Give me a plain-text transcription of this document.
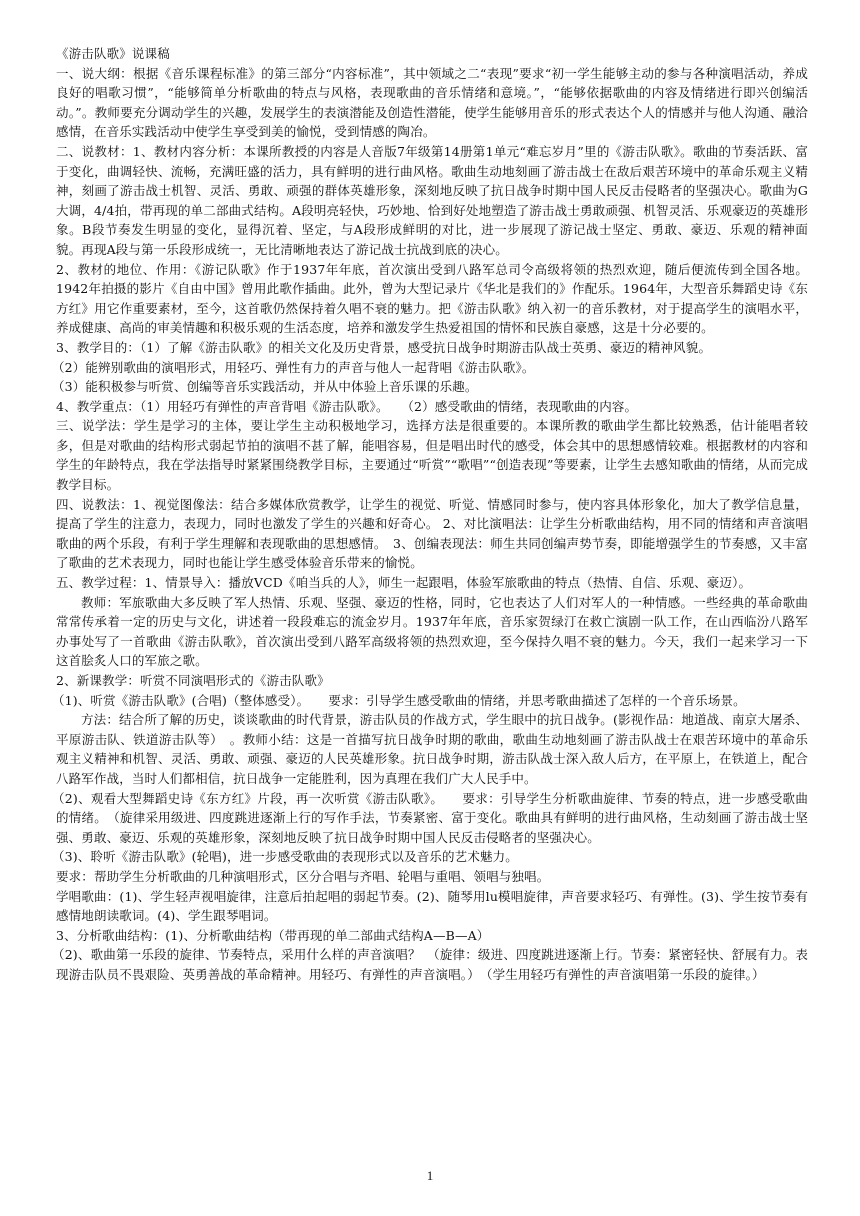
《游击队歌》说课稿

一、说大纲：根据《音乐课程标准》的第三部分“内容标准”，其中领域之二“表现”要求“初一学生能够主动的参与各种演唱活动，养成良好的唱歌习惯”，“能够简单分析歌曲的特点与风格，表现歌曲的音乐情绪和意境。”，“能够依据歌曲的内容及情绪进行即兴创编活动。”。教师要充分调动学生的兴趣，发展学生的表演潜能及创造性潜能，使学生能够用音乐的形式表达个人的情感并与他人沟通、融洽感情，在音乐实践活动中使学生享受到美的愉悦，受到情感的陶冶。

二、说教材：1、教材内容分析：本课所教授的内容是人音版7年级第14册第1单元“难忘岁月”里的《游击队歌》。歌曲的节奏活跃、富于变化，曲调轻快、流畅，充满旺盛的活力，具有鲜明的进行曲风格。歌曲生动地刻画了游击战士在敌后艰苦环境中的革命乐观主义精神，刻画了游击战士机智、灵活、勇敢、顽强的群体英雄形象，深刻地反映了抗日战争时期中国人民反击侵略者的坚强决心。歌曲为G大调，4/4拍，带再现的单二部曲式结构。A段明亮轻快，巧妙地、恰到好处地塑造了游击战士勇敢顽强、机智灵活、乐观豪迈的英雄形象。B段节奏发生明显的变化，显得沉着、坚定，与A段形成鲜明的对比，进一步展现了游记战士坚定、勇敢、豪迈、乐观的精神面貌。再现A段与第一乐段形成统一，无比清晰地表达了游记战士抗战到底的决心。

2、教材的地位、作用：《游记队歌》作于1937年年底，首次演出受到八路军总司令高级将领的热烈欢迎，随后便流传到全国各地。1942年拍摄的影片《自由中国》曾用此歌作插曲。此外，曾为大型记录片《华北是我们的》作配乐。1964年，大型音乐舞蹈史诗《东方红》用它作重要素材，至今，这首歌仍然保持着久唱不衰的魅力。把《游击队歌》纳入初一的音乐教材，对于提高学生的演唱水平，养成健康、高尚的审美情趣和积极乐观的生活态度，培养和激发学生热爱祖国的情怀和民族自豪感，这是十分必要的。

3、教学目的：（1）了解《游击队歌》的相关文化及历史背景，感受抗日战争时期游击队战士英勇、豪迈的精神风貌。

（2）能辨别歌曲的演唱形式，用轻巧、弹性有力的声音与他人一起背唱《游击队歌》。

（3）能积极参与听赏、创编等音乐实践活动，并从中体验上音乐课的乐趣。

4、教学重点：（1）用轻巧有弹性的声音背唱《游击队歌》。　　（2）感受歌曲的情绪，表现歌曲的内容。

三、说学法：学生是学习的主体，要让学生主动积极地学习，选择方法是很重要的。本课所教的歌曲学生都比较熟悉，估计能唱者较多，但是对歌曲的结构形式弱起节拍的演唱不甚了解，能唱容易，但是唱出时代的感受，体会其中的思想感情较难。根据教材的内容和学生的年龄特点，我在学法指导时紧紧围绕教学目标，主要通过“听赏”“歌唱”“创造表现”等要素，让学生去感知歌曲的情绪，从而完成教学目标。

四、说教法：1、视觉图像法：结合多媒体欣赏教学，让学生的视觉、听觉、情感同时参与，使内容具体形象化，加大了教学信息量，提高了学生的注意力，表现力，同时也激发了学生的兴趣和好奇心。 2、对比演唱法：让学生分析歌曲结构，用不同的情绪和声音演唱歌曲的两个乐段，有利于学生理解和表现歌曲的思想感情。　3、创编表现法：师生共同创编声势节奏，即能增强学生的节奏感，又丰富了歌曲的艺术表现力，同时也能让学生感受体验音乐带来的愉悦。

五、教学过程：1、情景导入：播放VCD《咱当兵的人》，师生一起跟唱，体验军旅歌曲的特点（热情、自信、乐观、豪迈）。

教师：军旅歌曲大多反映了军人热情、乐观、坚强、豪迈的性格，同时，它也表达了人们对军人的一种情感。一些经典的革命歌曲常常传承着一定的历史与文化，讲述着一段段难忘的流金岁月。1937年年底，音乐家贺绿汀在救亡演剧一队工作，在山西临汾八路军办事处写了一首歌曲《游击队歌》，首次演出受到八路军高级将领的热烈欢迎，至今保持久唱不衰的魅力。今天，我们一起来学习一下这首脍炙人口的军旅之歌。

2、新课教学：听赏不同演唱形式的《游击队歌》

（1)、听赏《游击队歌》(合唱)（整体感受）。　　要求：引导学生感受歌曲的情绪，并思考歌曲描述了怎样的一个音乐场景。

方法：结合所了解的历史，谈谈歌曲的时代背景，游击队员的作战方式，学生眼中的抗日战争。(影视作品：地道战、南京大屠杀、平原游击队、铁道游击队等）　。教师小结：这是一首描写抗日战争时期的歌曲，歌曲生动地刻画了游击队战士在艰苦环境中的革命乐观主义精神和机智、灵活、勇敢、顽强、豪迈的人民英雄形象。抗日战争时期，游击队战士深入敌人后方，在平原上，在铁道上，配合八路军作战，当时人们都相信，抗日战争一定能胜利，因为真理在我们广大人民手中。

（2)、观看大型舞蹈史诗《东方红》片段，再一次听赏《游击队歌》。　　要求：引导学生分析歌曲旋律、节奏的特点，进一步感受歌曲的情绪。　（旋律采用级进、四度跳进逐渐上行的写作手法，节奏紧密、富于变化。歌曲具有鲜明的进行曲风格，生动刻画了游击战士坚强、勇敢、豪迈、乐观的英雄形象，深刻地反映了抗日战争时期中国人民反击侵略者的坚强决心。

（3)、聆听《游击队歌》(轮唱)，进一步感受歌曲的表现形式以及音乐的艺术魅力。

要求：帮助学生分析歌曲的几种演唱形式，区分合唱与齐唱、轮唱与重唱、领唱与独唱。

学唱歌曲：(1)、学生轻声视唱旋律，注意后拍起唱的弱起节奏。(2)、随琴用lu模唱旋律，声音要求轻巧、有弹性。(3)、学生按节奏有感情地朗读歌词。(4)、学生跟琴唱词。

3、分析歌曲结构：(1)、分析歌曲结构（带再现的单二部曲式结构A—B—A）

（2)、歌曲第一乐段的旋律、节奏特点，采用什么样的声音演唱？　（旋律：级进、四度跳进逐渐上行。节奏：紧密轻快、舒展有力。表现游击队员不畏艰险、英勇善战的革命精神。用轻巧、有弹性的声音演唱。）　（学生用轻巧有弹性的声音演唱第一乐段的旋律。）

1
